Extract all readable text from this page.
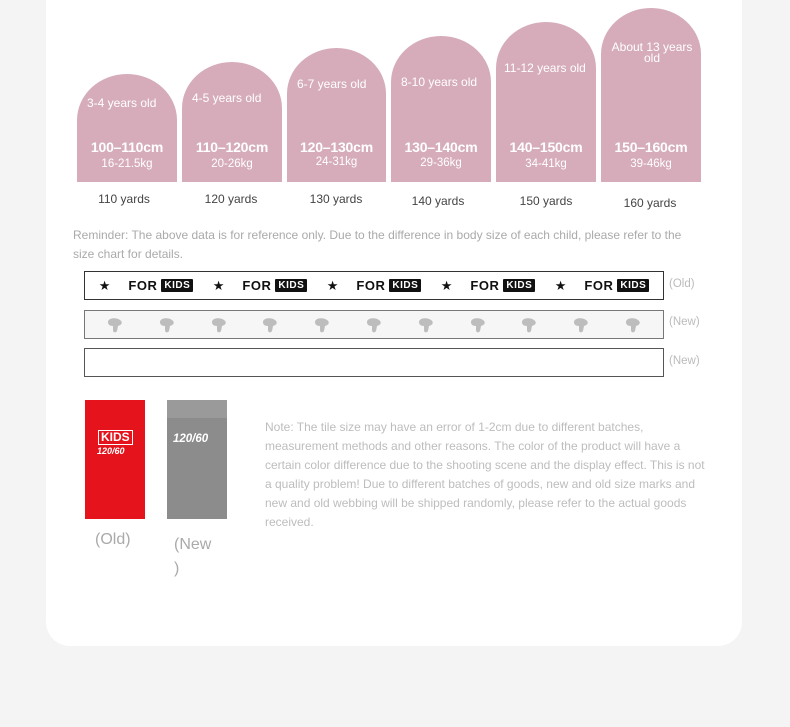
3-4 years old
100–110cm
16-21.5kg
4-5 years old
110–120cm
20-26kg
6-7 years old
120–130cm
24-31kg
8-10 years old
130–140cm
29-36kg
11-12 years old
140–150cm
34-41kg
About 13 years old
150–160cm
39-46kg
110 yards	120 yards	130 yards	140 yards	150 yards	160 yards
Reminder: The above data is for reference only. Due to the difference in body size of each child, please refer to the size chart for details.
★ FOR KIDS ★ FOR KIDS ★ FOR KIDS ★ FOR KIDS ★ FOR KIDS (Old)
(New)
(New)
KIDS
120/60
120/60
(Old)	(New
)
Note: The tile size may have an error of 1-2cm due to different batches, measurement methods and other reasons. The color of the product will have a certain color difference due to the shooting scene and the display effect. This is not a quality problem! Due to different batches of goods, new and old size marks and new and old webbing will be shipped randomly, please refer to the actual goods received.
